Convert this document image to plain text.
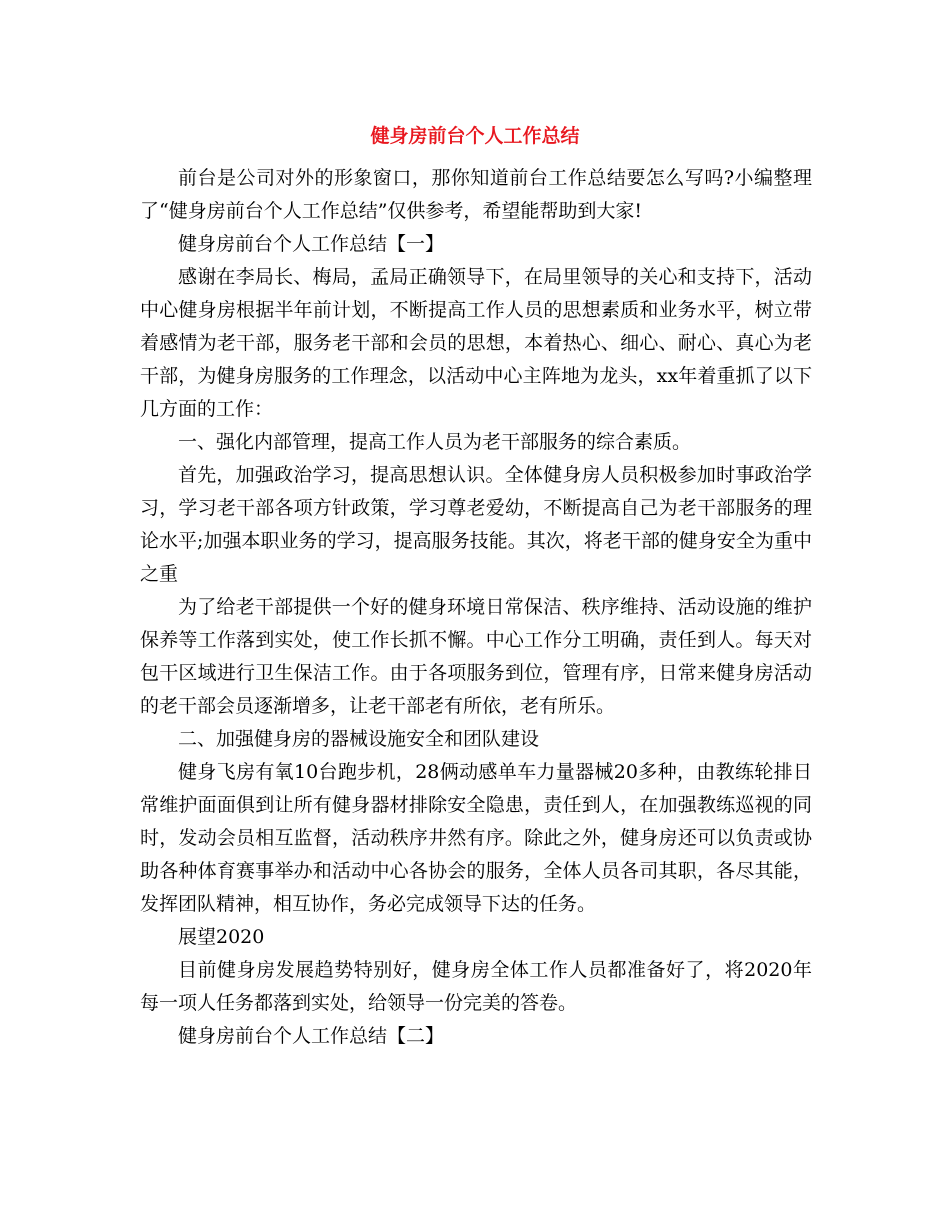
健身房前台个人工作总结

前台是公司对外的形象窗口，那你知道前台工作总结要怎么写吗?小编整理了“健身房前台个人工作总结”仅供参考，希望能帮助到大家!

健身房前台个人工作总结【一】

感谢在李局长、梅局，孟局正确领导下，在局里领导的关心和支持下，活动中心健身房根据半年前计划，不断提高工作人员的思想素质和业务水平，树立带着感情为老干部，服务老干部和会员的思想，本着热心、细心、耐心、真心为老干部，为健身房服务的工作理念，以活动中心主阵地为龙头，xx年着重抓了以下几方面的工作：

一、强化内部管理，提高工作人员为老干部服务的综合素质。

首先，加强政治学习，提高思想认识。全体健身房人员积极参加时事政治学习，学习老干部各项方针政策，学习尊老爱幼，不断提高自己为老干部服务的理论水平;加强本职业务的学习，提高服务技能。其次，将老干部的健身安全为重中之重

为了给老干部提供一个好的健身环境日常保洁、秩序维持、活动设施的维护保养等工作落到实处，使工作长抓不懈。中心工作分工明确，责任到人。每天对包干区域进行卫生保洁工作。由于各项服务到位，管理有序，日常来健身房活动的老干部会员逐渐增多，让老干部老有所依，老有所乐。

二、加强健身房的器械设施安全和团队建设

健身飞房有氧10台跑步机，28俩动感单车力量器械20多种，由教练轮排日常维护面面俱到让所有健身器材排除安全隐患，责任到人，在加强教练巡视的同时，发动会员相互监督，活动秩序井然有序。除此之外，健身房还可以负责或协助各种体育赛事举办和活动中心各协会的服务，全体人员各司其职，各尽其能，发挥团队精神，相互协作，务必完成领导下达的任务。

展望2020

目前健身房发展趋势特别好，健身房全体工作人员都准备好了，将2020年每一项人任务都落到实处，给领导一份完美的答卷。

健身房前台个人工作总结【二】
